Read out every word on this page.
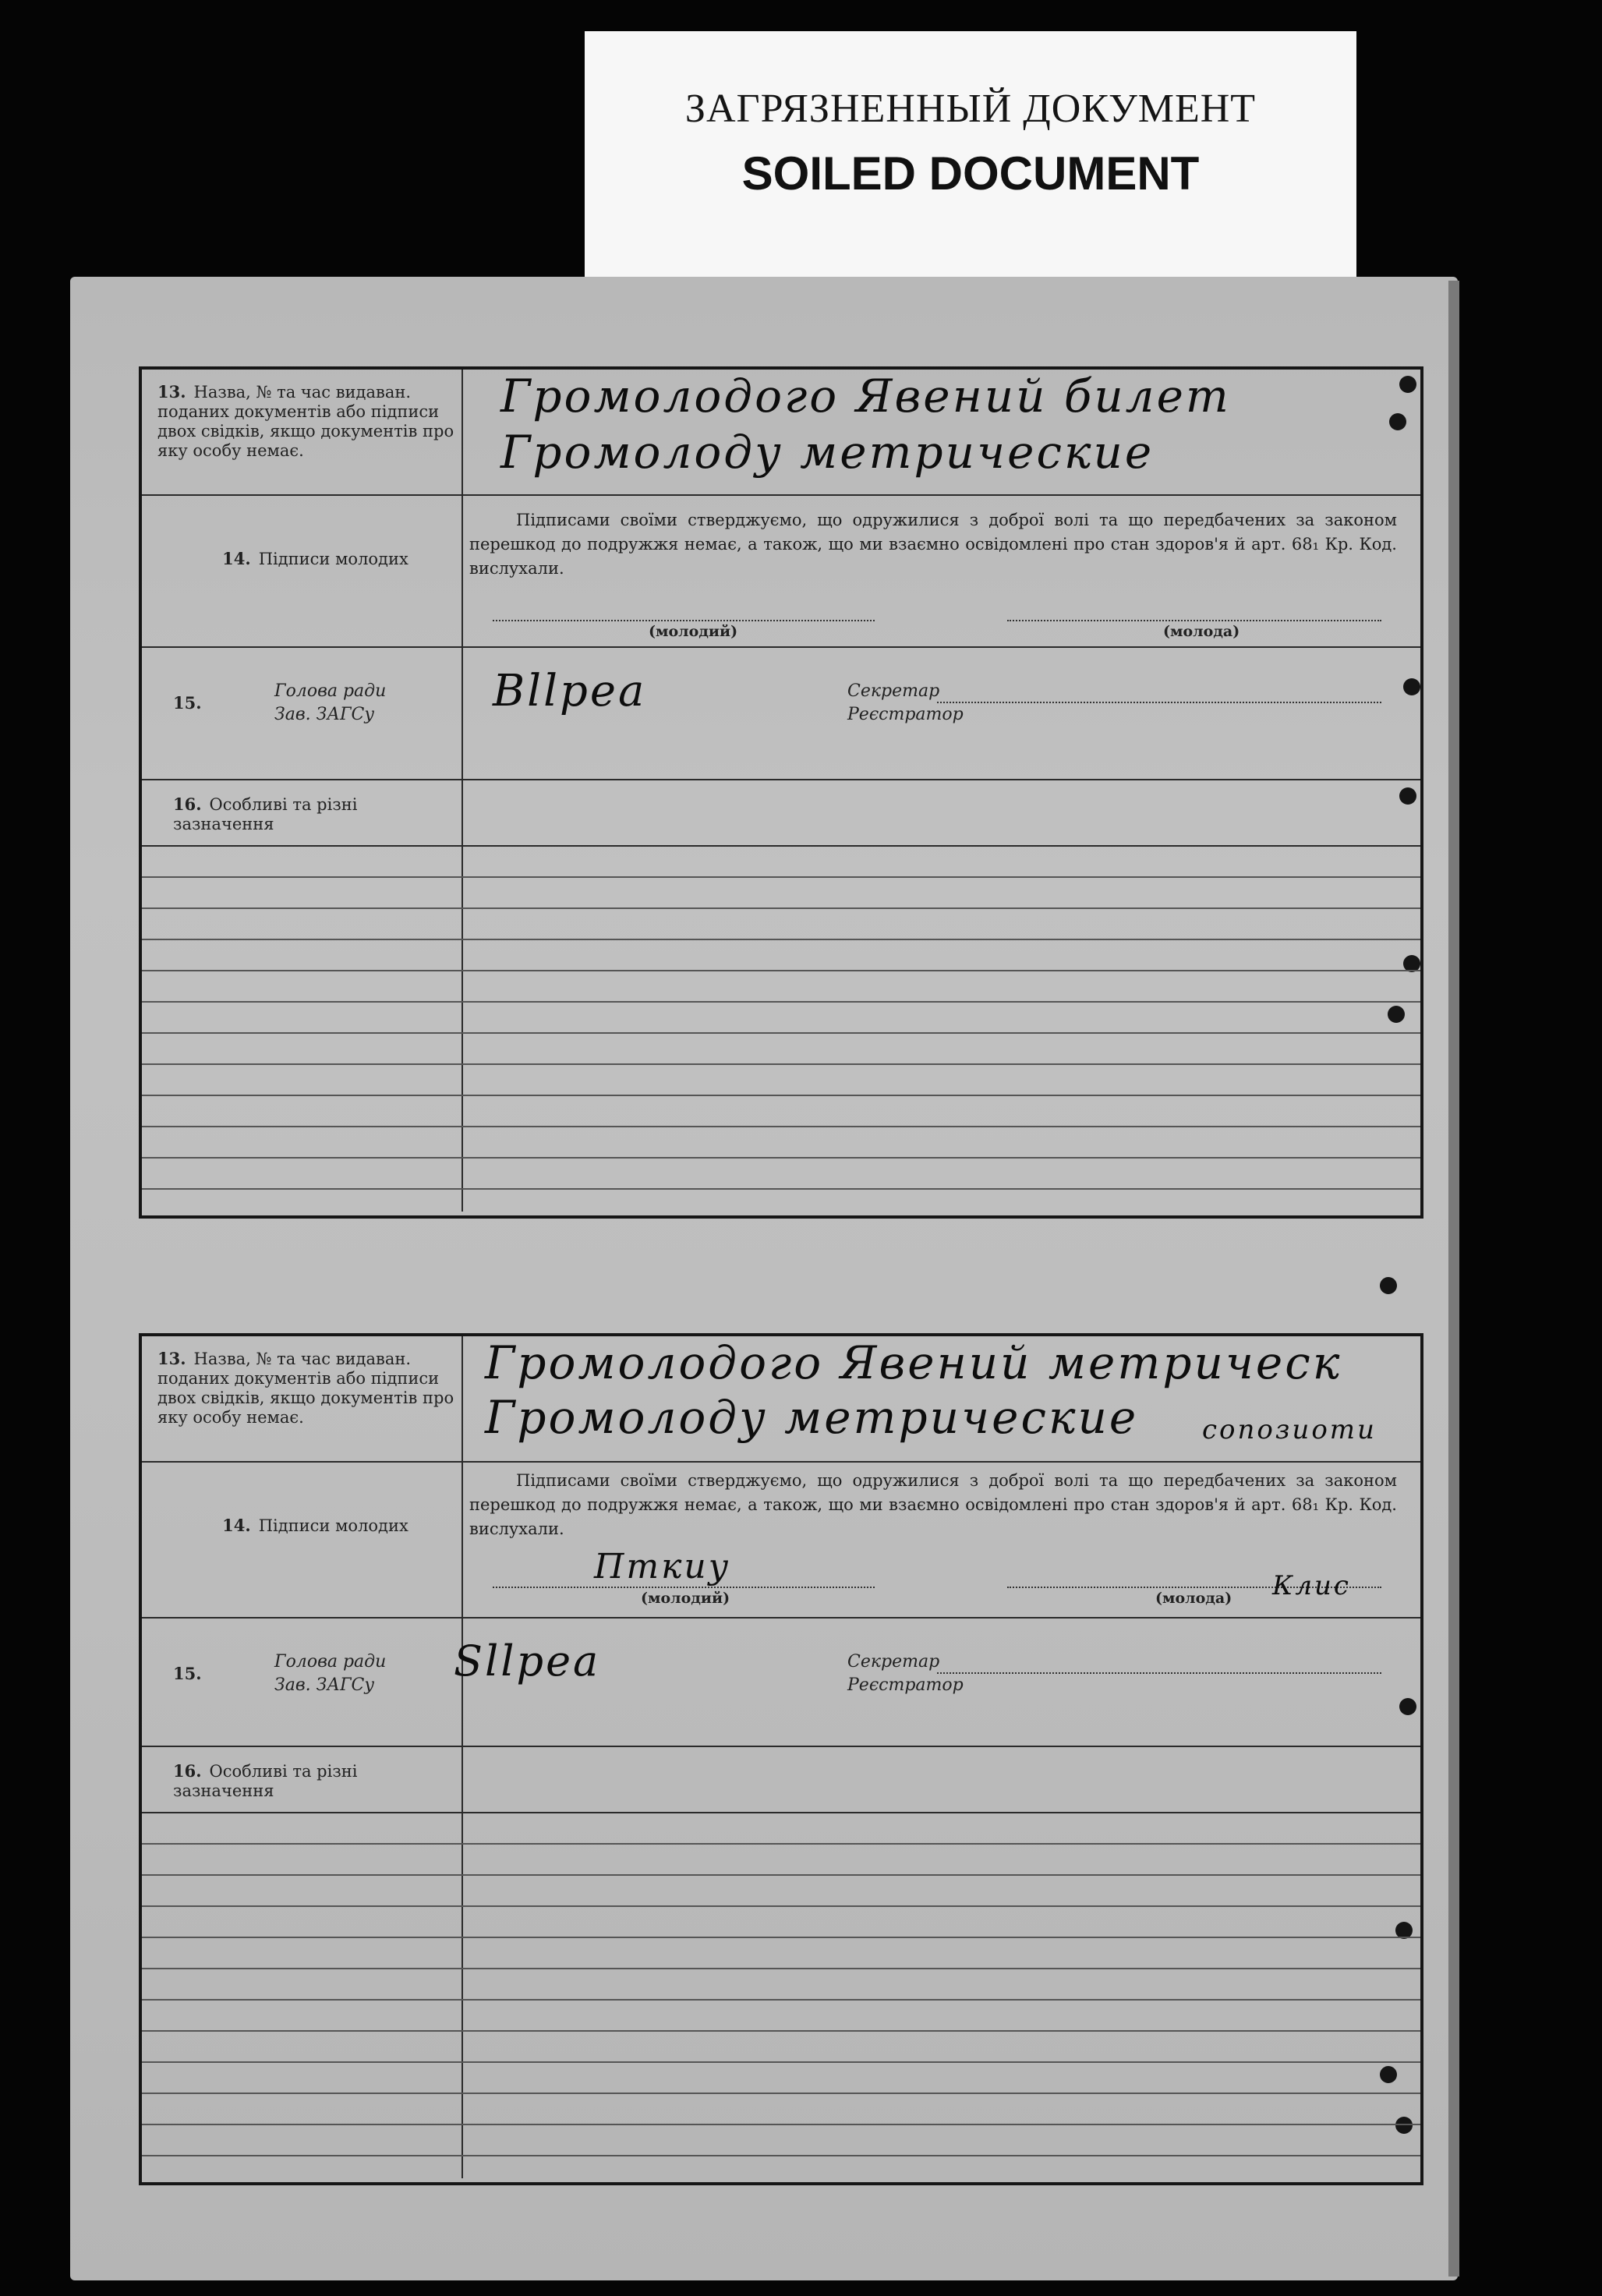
ЗАГРЯЗНЕННЫЙ ДОКУМЕНТ
SOILED DOCUMENT
13. Назва, № та час видаван. поданих документів або підписи двох свідків, якщо документів про яку особу немає.
Громолодого Явений билет
Громолоду метрические
14. Підписи молодих
Підписами своїми стверджуємо, що одружилися з доброї волі та що передбачених за законом перешкод до подружжя немає, а також, що ми взаємно освідомлені про стан здоров'я й арт. 68₁ Кр. Код. вислухали.
(молодий)	(молода)
15.
Голова ради
Зав. ЗАГСу
Секретар
Реєстратор
Bllpeа
16. Особливі та різні зазначення
13. Назва, № та час видаван. поданих документів або підписи двох свідків, якщо документів про яку особу немає.
Громолодого Явений метрическ
Громолоду метрические сопозиоти
14. Підписи молодих
Підписами своїми стверджуємо, що одружилися з доброї волі та що передбачених за законом перешкод до подружжя немає, а також, що ми взаємно освідомлені про стан здоров'я й арт. 68₁ Кр. Код. вислухали.
(молодий)	(молода)
Пткиу	Клис
15.
Голова ради
Зав. ЗАГСу
Секретар
Реєстратор
Sllpeа
16. Особливі та різні зазначення
